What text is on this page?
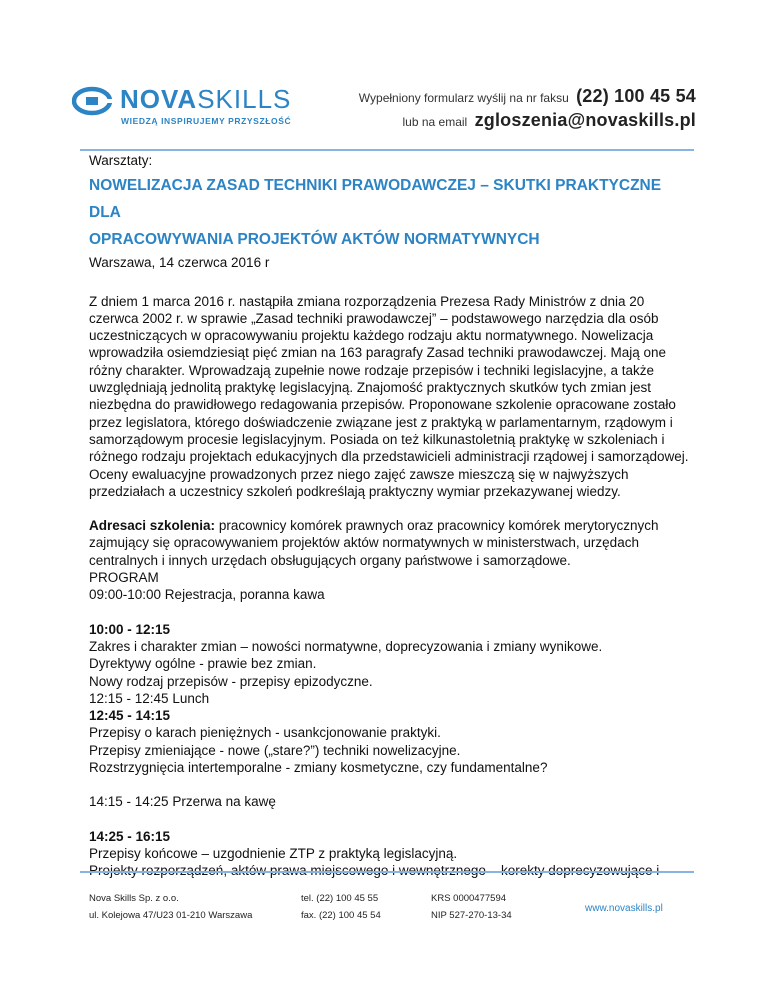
NOVASKILLS
WIEDZĄ INSPIRUJEMY PRZYSZŁOŚĆ
Wypełniony formularz wyślij na nr faksu (22) 100 45 54
lub na email zgloszenia@novaskills.pl

Warsztaty:

NOWELIZACJA ZASAD TECHNIKI PRAWODAWCZEJ – SKUTKI PRAKTYCZNE DLA
OPRACOWYWANIA PROJEKTÓW AKTÓW NORMATYWNYCH

Warszawa, 14 czerwca 2016 r

Z dniem 1 marca 2016 r. nastąpiła zmiana rozporządzenia Prezesa Rady Ministrów z dnia 20 czerwca 2002 r. w sprawie „Zasad techniki prawodawczej” – podstawowego narzędzia dla osób uczestniczących w opracowywaniu projektu każdego rodzaju aktu normatywnego. Nowelizacja wprowadziła osiemdziesiąt pięć zmian na 163 paragrafy Zasad techniki prawodawczej. Mają one różny charakter. Wprowadzają zupełnie nowe rodzaje przepisów i techniki legislacyjne, a także uwzględniają jednolitą praktykę legislacyjną. Znajomość praktycznych skutków tych zmian jest niezbędna do prawidłowego redagowania przepisów. Proponowane szkolenie opracowane zostało przez legislatora, którego doświadczenie związane jest z praktyką w parlamentarnym, rządowym i samorządowym procesie legislacyjnym. Posiada on też kilkunastoletnią praktykę w szkoleniach i różnego rodzaju projektach edukacyjnych dla przedstawicieli administracji rządowej i samorządowej. Oceny ewaluacyjne prowadzonych przez niego zajęć zawsze mieszczą się w najwyższych przedziałach a uczestnicy szkoleń podkreślają praktyczny wymiar przekazywanej wiedzy.

Adresaci szkolenia: pracownicy komórek prawnych oraz pracownicy komórek merytorycznych zajmujący się opracowywaniem projektów aktów normatywnych w ministerstwach, urzędach centralnych i innych urzędach obsługujących organy państwowe i samorządowe.

PROGRAM

09:00-10:00 Rejestracja, poranna kawa

10:00 - 12:15

Zakres i charakter zmian – nowości normatywne, doprecyzowania i zmiany wynikowe.

Dyrektywy ogólne - prawie bez zmian.

Nowy rodzaj przepisów - przepisy epizodyczne.

12:15 - 12:45 Lunch

12:45 - 14:15

Przepisy o karach pieniężnych - usankcjonowanie praktyki.

Przepisy zmieniające - nowe („stare?”) techniki nowelizacyjne.

Rozstrzygnięcia intertemporalne - zmiany kosmetyczne, czy fundamentalne?

14:15 - 14:25 Przerwa na kawę

14:25 - 16:15

Przepisy końcowe – uzgodnienie ZTP z praktyką legislacyjną.

Nova Skills Sp. z o.o.
ul. Kolejowa 47/U23 01-210 Warszawa
tel. (22) 100 45 55
fax. (22) 100 45 54
KRS 0000477594
NIP 527-270-13-34
www.novaskills.pl
